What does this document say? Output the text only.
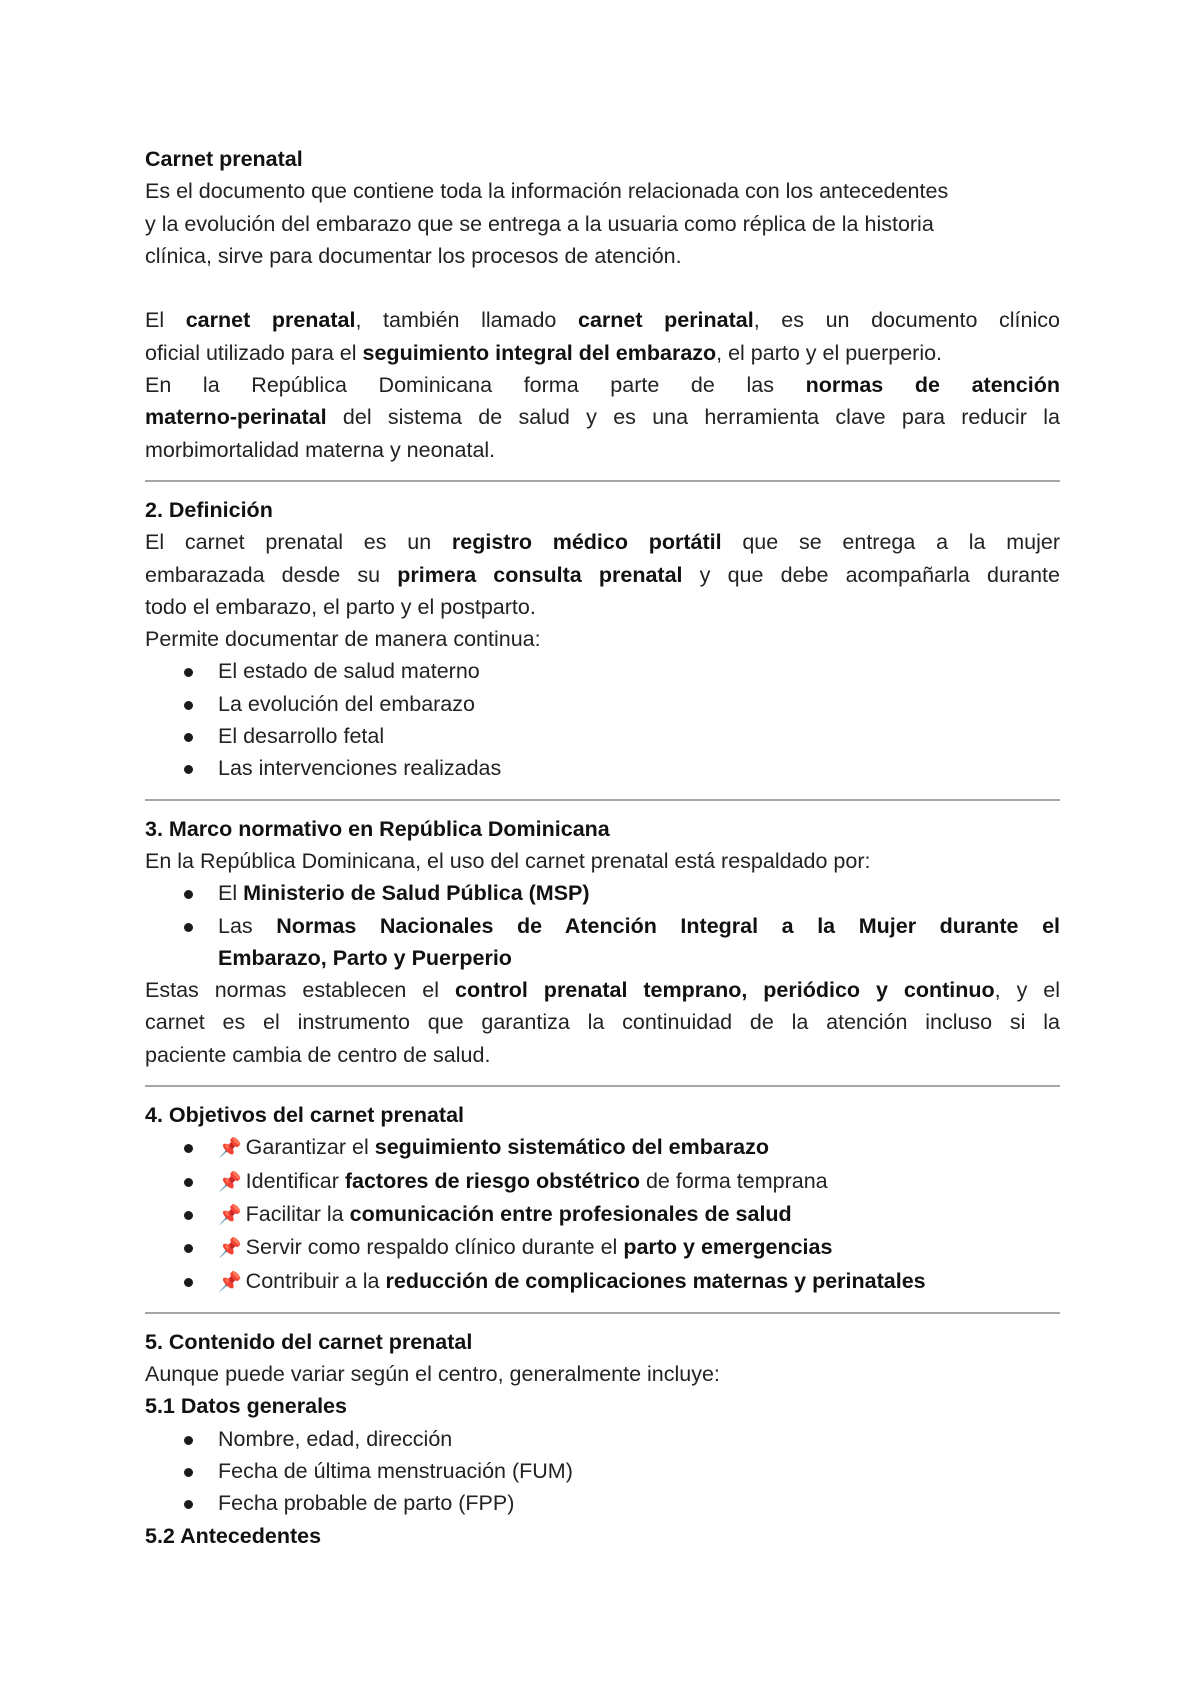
Carnet prenatal

Es el documento que contiene toda la información relacionada con los antecedentes

y la evolución del embarazo que se entrega a la usuaria como réplica de la historia

clínica, sirve para documentar los procesos de atención.

El carnet prenatal, también llamado carnet perinatal, es un documento clínico

oficial utilizado para el seguimiento integral del embarazo, el parto y el puerperio.

En la República Dominicana forma parte de las normas de atención

materno-perinatal del sistema de salud y es una herramienta clave para reducir la

morbimortalidad materna y neonatal.

2. Definición

El carnet prenatal es un registro médico portátil que se entrega a la mujer

embarazada desde su primera consulta prenatal y que debe acompañarla durante

todo el embarazo, el parto y el postparto.

Permite documentar de manera continua:

El estado de salud materno
La evolución del embarazo
El desarrollo fetal
Las intervenciones realizadas

3. Marco normativo en República Dominicana

En la República Dominicana, el uso del carnet prenatal está respaldado por:

El Ministerio de Salud Pública (MSP)
Las Normas Nacionales de Atención Integral a la Mujer durante el
Embarazo, Parto y Puerperio

Estas normas establecen el control prenatal temprano, periódico y continuo, y el

carnet es el instrumento que garantiza la continuidad de la atención incluso si la

paciente cambia de centro de salud.

4. Objetivos del carnet prenatal

📌 Garantizar el seguimiento sistemático del embarazo
📌 Identificar factores de riesgo obstétrico de forma temprana
📌 Facilitar la comunicación entre profesionales de salud
📌 Servir como respaldo clínico durante el parto y emergencias
📌 Contribuir a la reducción de complicaciones maternas y perinatales

5. Contenido del carnet prenatal

Aunque puede variar según el centro, generalmente incluye:

5.1 Datos generales

Nombre, edad, dirección
Fecha de última menstruación (FUM)
Fecha probable de parto (FPP)

5.2 Antecedentes
